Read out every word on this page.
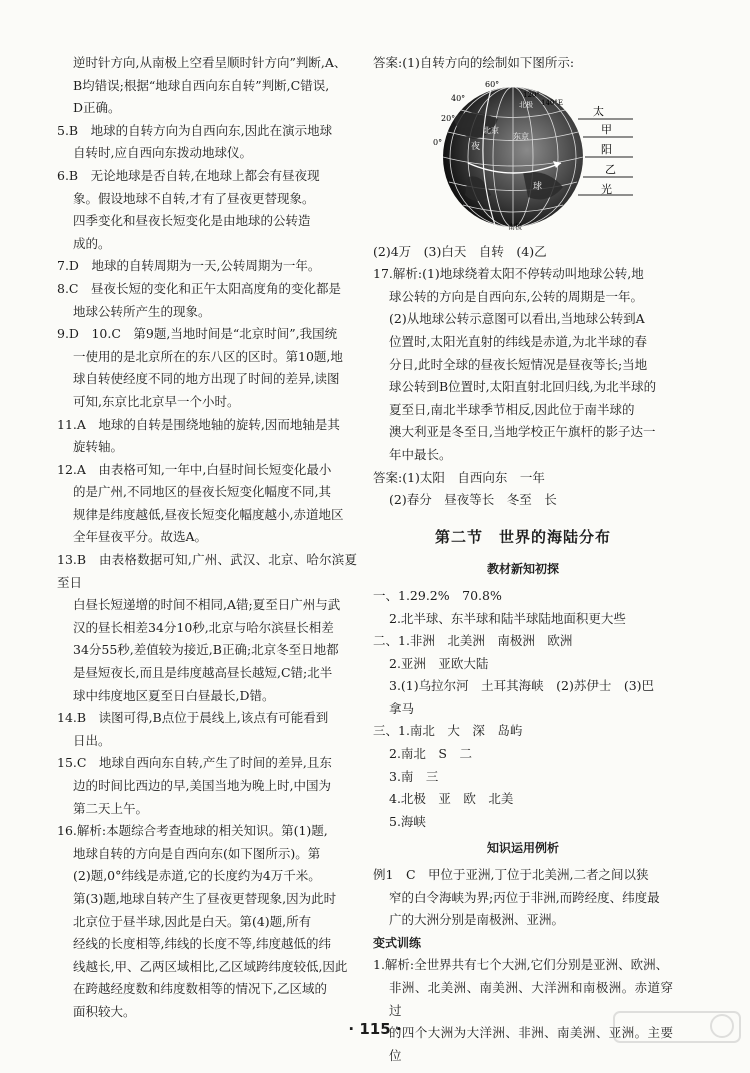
逆时针方向,从南极上空看呈顺时针方向”判断,A、

B均错误;根据“地球自西向东自转”判断,C错误,

D正确。

5.B　地球的自转方向为自西向东,因此在演示地球

自转时,应自西向东拨动地球仪。

6.B　无论地球是否自转,在地球上都会有昼夜现

象。假设地球不自转,才有了昼夜更替现象。

四季变化和昼夜长短变化是由地球的公转造

成的。

7.D　地球的自转周期为一天,公转周期为一年。

8.C　昼夜长短的变化和正午太阳高度角的变化都是

地球公转所产生的现象。

9.D　10.C　第9题,当地时间是“北京时间”,我国统

一使用的是北京所在的东八区的区时。第10题,地

球自转使经度不同的地方出现了时间的差异,读图

可知,东京比北京早一个小时。

11.A　地球的自转是围绕地轴的旋转,因而地轴是其

旋转轴。

12.A　由表格可知,一年中,白昼时间长短变化最小

的是广州,不同地区的昼夜长短变化幅度不同,其

规律是纬度越低,昼夜长短变化幅度越小,赤道地区

全年昼夜平分。故选A。

13.B　由表格数据可知,广州、武汉、北京、哈尔滨夏至日

白昼长短递增的时间不相同,A错;夏至日广州与武

汉的昼长相差34分10秒,北京与哈尔滨昼长相差

34分55秒,差值较为接近,B正确;北京冬至日地都

是昼短夜长,而且是纬度越高昼长越短,C错;北半

球中纬度地区夏至日白昼最长,D错。

14.B　读图可得,B点位于晨线上,该点有可能看到

日出。

15.C　地球自西向东自转,产生了时间的差异,且东

边的时间比西边的早,美国当地为晚上时,中国为

第二天上午。

16.解析:本题综合考查地球的相关知识。第(1)题,

地球自转的方向是自西向东(如下图所示)。第

(2)题,0°纬线是赤道,它的长度约为4万千米。

第(3)题,地球自转产生了昼夜更替现象,因为此时

北京位于昼半球,因此是白天。第(4)题,所有

经线的长度相等,纬线的长度不等,纬度越低的纬

线越长,甲、乙两区域相比,乙区域跨纬度较低,因此

在跨越经度数和纬度数相等的情况下,乙区域的

面积较大。

答案:(1)自转方向的绘制如下图所示:

60°
40°
20°
0°
120°
140°E
北极
北京
东京
南极
夜
球
太
甲
阳
乙
光

(2)4万　(3)白天　自转　(4)乙

17.解析:(1)地球绕着太阳不停转动叫地球公转,地

球公转的方向是自西向东,公转的周期是一年。

(2)从地球公转示意图可以看出,当地球公转到A

位置时,太阳光直射的纬线是赤道,为北半球的春

分日,此时全球的昼夜长短情况是昼夜等长;当地

球公转到B位置时,太阳直射北回归线,为北半球的

夏至日,南北半球季节相反,因此位于南半球的

澳大利亚是冬至日,当地学校正午旗杆的影子达一

年中最长。

答案:(1)太阳　自西向东　一年

(2)春分　昼夜等长　冬至　长

第二节　世界的海陆分布
教材新知初探

一、1.29.2%　70.8%

2.北半球、东半球和陆半球陆地面积更大些

二、1.非洲　北美洲　南极洲　欧洲

2.亚洲　亚欧大陆

3.(1)乌拉尔河　土耳其海峡　(2)苏伊士　(3)巴

拿马

三、1.南北　大　深　岛屿

2.南北　S　二

3.南　三

4.北极　亚　欧　北美

5.海峡

知识运用例析

例1　C　甲位于亚洲,丁位于北美洲,二者之间以狭

窄的白令海峡为界;丙位于非洲,而跨经度、纬度最

广的大洲分别是南极洲、亚洲。

变式训练

1.解析:全世界共有七个大洲,它们分别是亚洲、欧洲、

非洲、北美洲、南美洲、大洋洲和南极洲。赤道穿过

的四个大洲为大洋洲、非洲、南美洲、亚洲。主要位

· 115 ·
